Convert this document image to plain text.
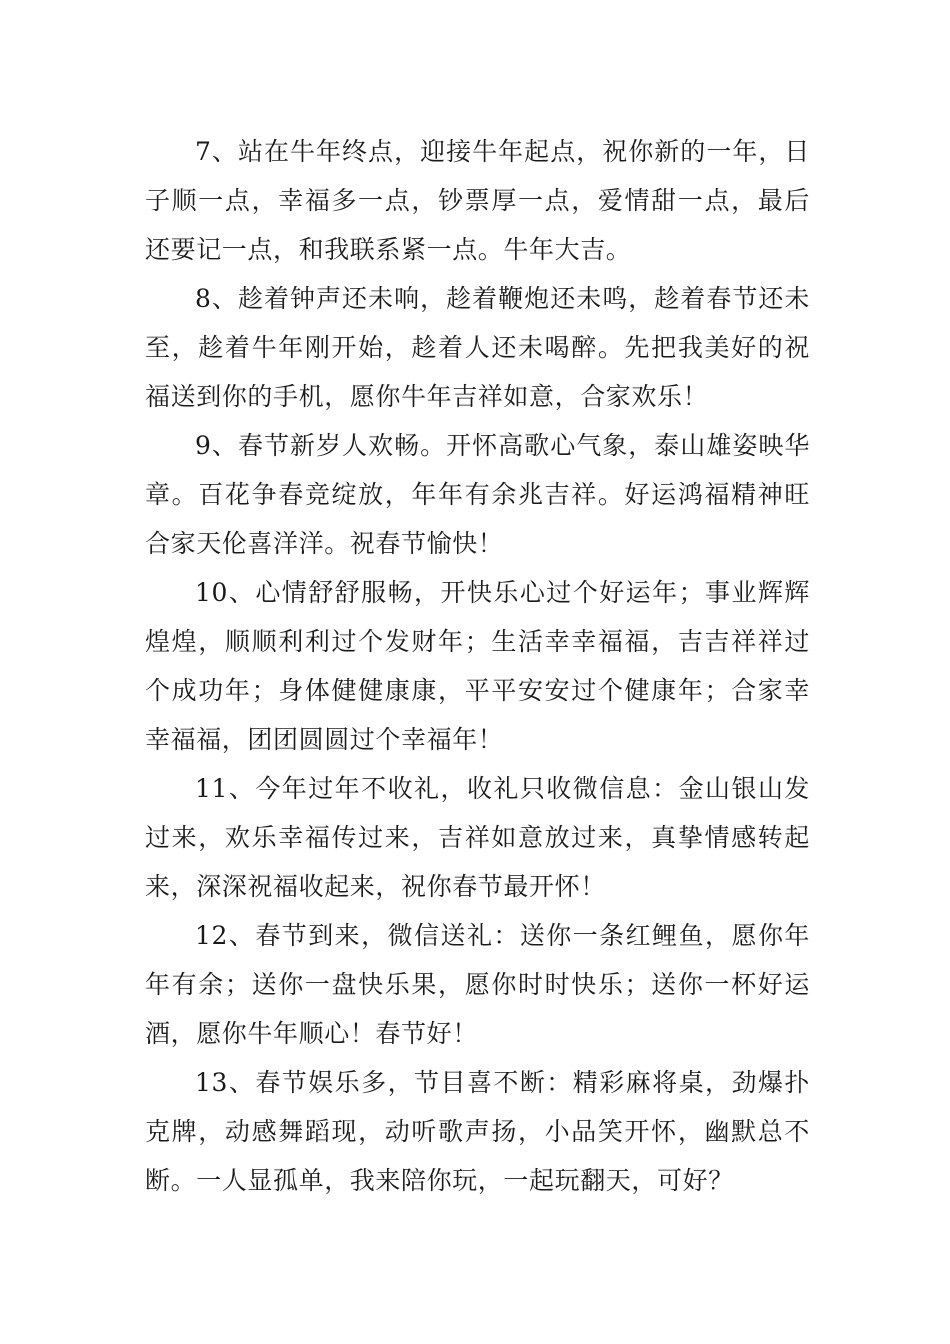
7、站在牛年终点，迎接牛年起点，祝你新的一年，日子顺一点，幸福多一点，钞票厚一点，爱情甜一点，最后还要记一点，和我联系紧一点。牛年大吉。

8、趁着钟声还未响，趁着鞭炮还未鸣，趁着春节还未至，趁着牛年刚开始，趁着人还未喝醉。先把我美好的祝福送到你的手机，愿你牛年吉祥如意，合家欢乐！

9、春节新岁人欢畅。开怀高歌心气象，泰山雄姿映华章。百花争春竞绽放，年年有余兆吉祥。好运鸿福精神旺合家天伦喜洋洋。祝春节愉快！

10、心情舒舒服畅，开快乐心过个好运年；事业辉辉煌煌，顺顺利利过个发财年；生活幸幸福福，吉吉祥祥过个成功年；身体健健康康，平平安安过个健康年；合家幸幸福福，团团圆圆过个幸福年！

11、今年过年不收礼，收礼只收微信息：金山银山发过来，欢乐幸福传过来，吉祥如意放过来，真挚情感转起来，深深祝福收起来，祝你春节最开怀！

12、春节到来，微信送礼：送你一条红鲤鱼，愿你年年有余；送你一盘快乐果，愿你时时快乐；送你一杯好运酒，愿你牛年顺心！春节好！

13、春节娱乐多，节目喜不断：精彩麻将桌，劲爆扑克牌，动感舞蹈现，动听歌声扬，小品笑开怀，幽默总不断。一人显孤单，我来陪你玩，一起玩翻天，可好？
